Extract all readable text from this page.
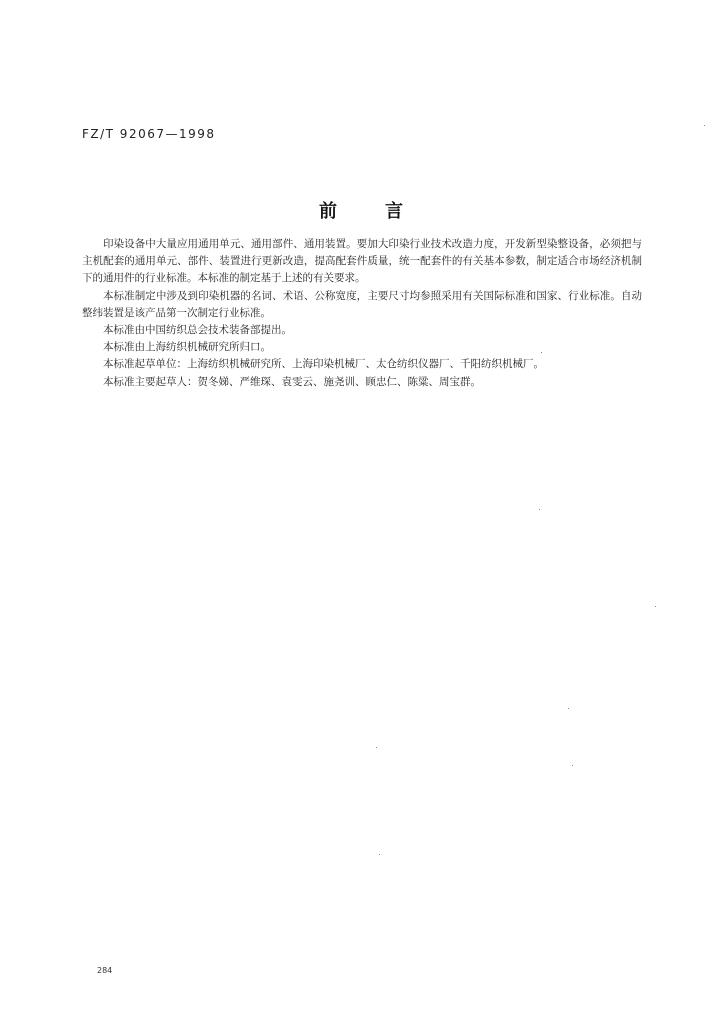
FZ/T 92067—1998
前言

印染设备中大量应用通用单元、通用部件、通用装置。要加大印染行业技术改造力度，开发新型染整设备，必须把与主机配套的通用单元、部件、装置进行更新改造，提高配套件质量，统一配套件的有关基本参数，制定适合市场经济机制下的通用件的行业标准。本标准的制定基于上述的有关要求。

本标准制定中涉及到印染机器的名词、术语、公称宽度，主要尺寸均参照采用有关国际标准和国家、行业标准。自动整纬装置是该产品第一次制定行业标准。

本标准由中国纺织总会技术装备部提出。

本标准由上海纺织机械研究所归口。

本标准起草单位：上海纺织机械研究所、上海印染机械厂、太仓纺织仪器厂、千阳纺织机械厂。

本标准主要起草人：贺冬娣、严维琛、袁雯云、施尧训、顾忠仁、陈粱、周宝群。

284
